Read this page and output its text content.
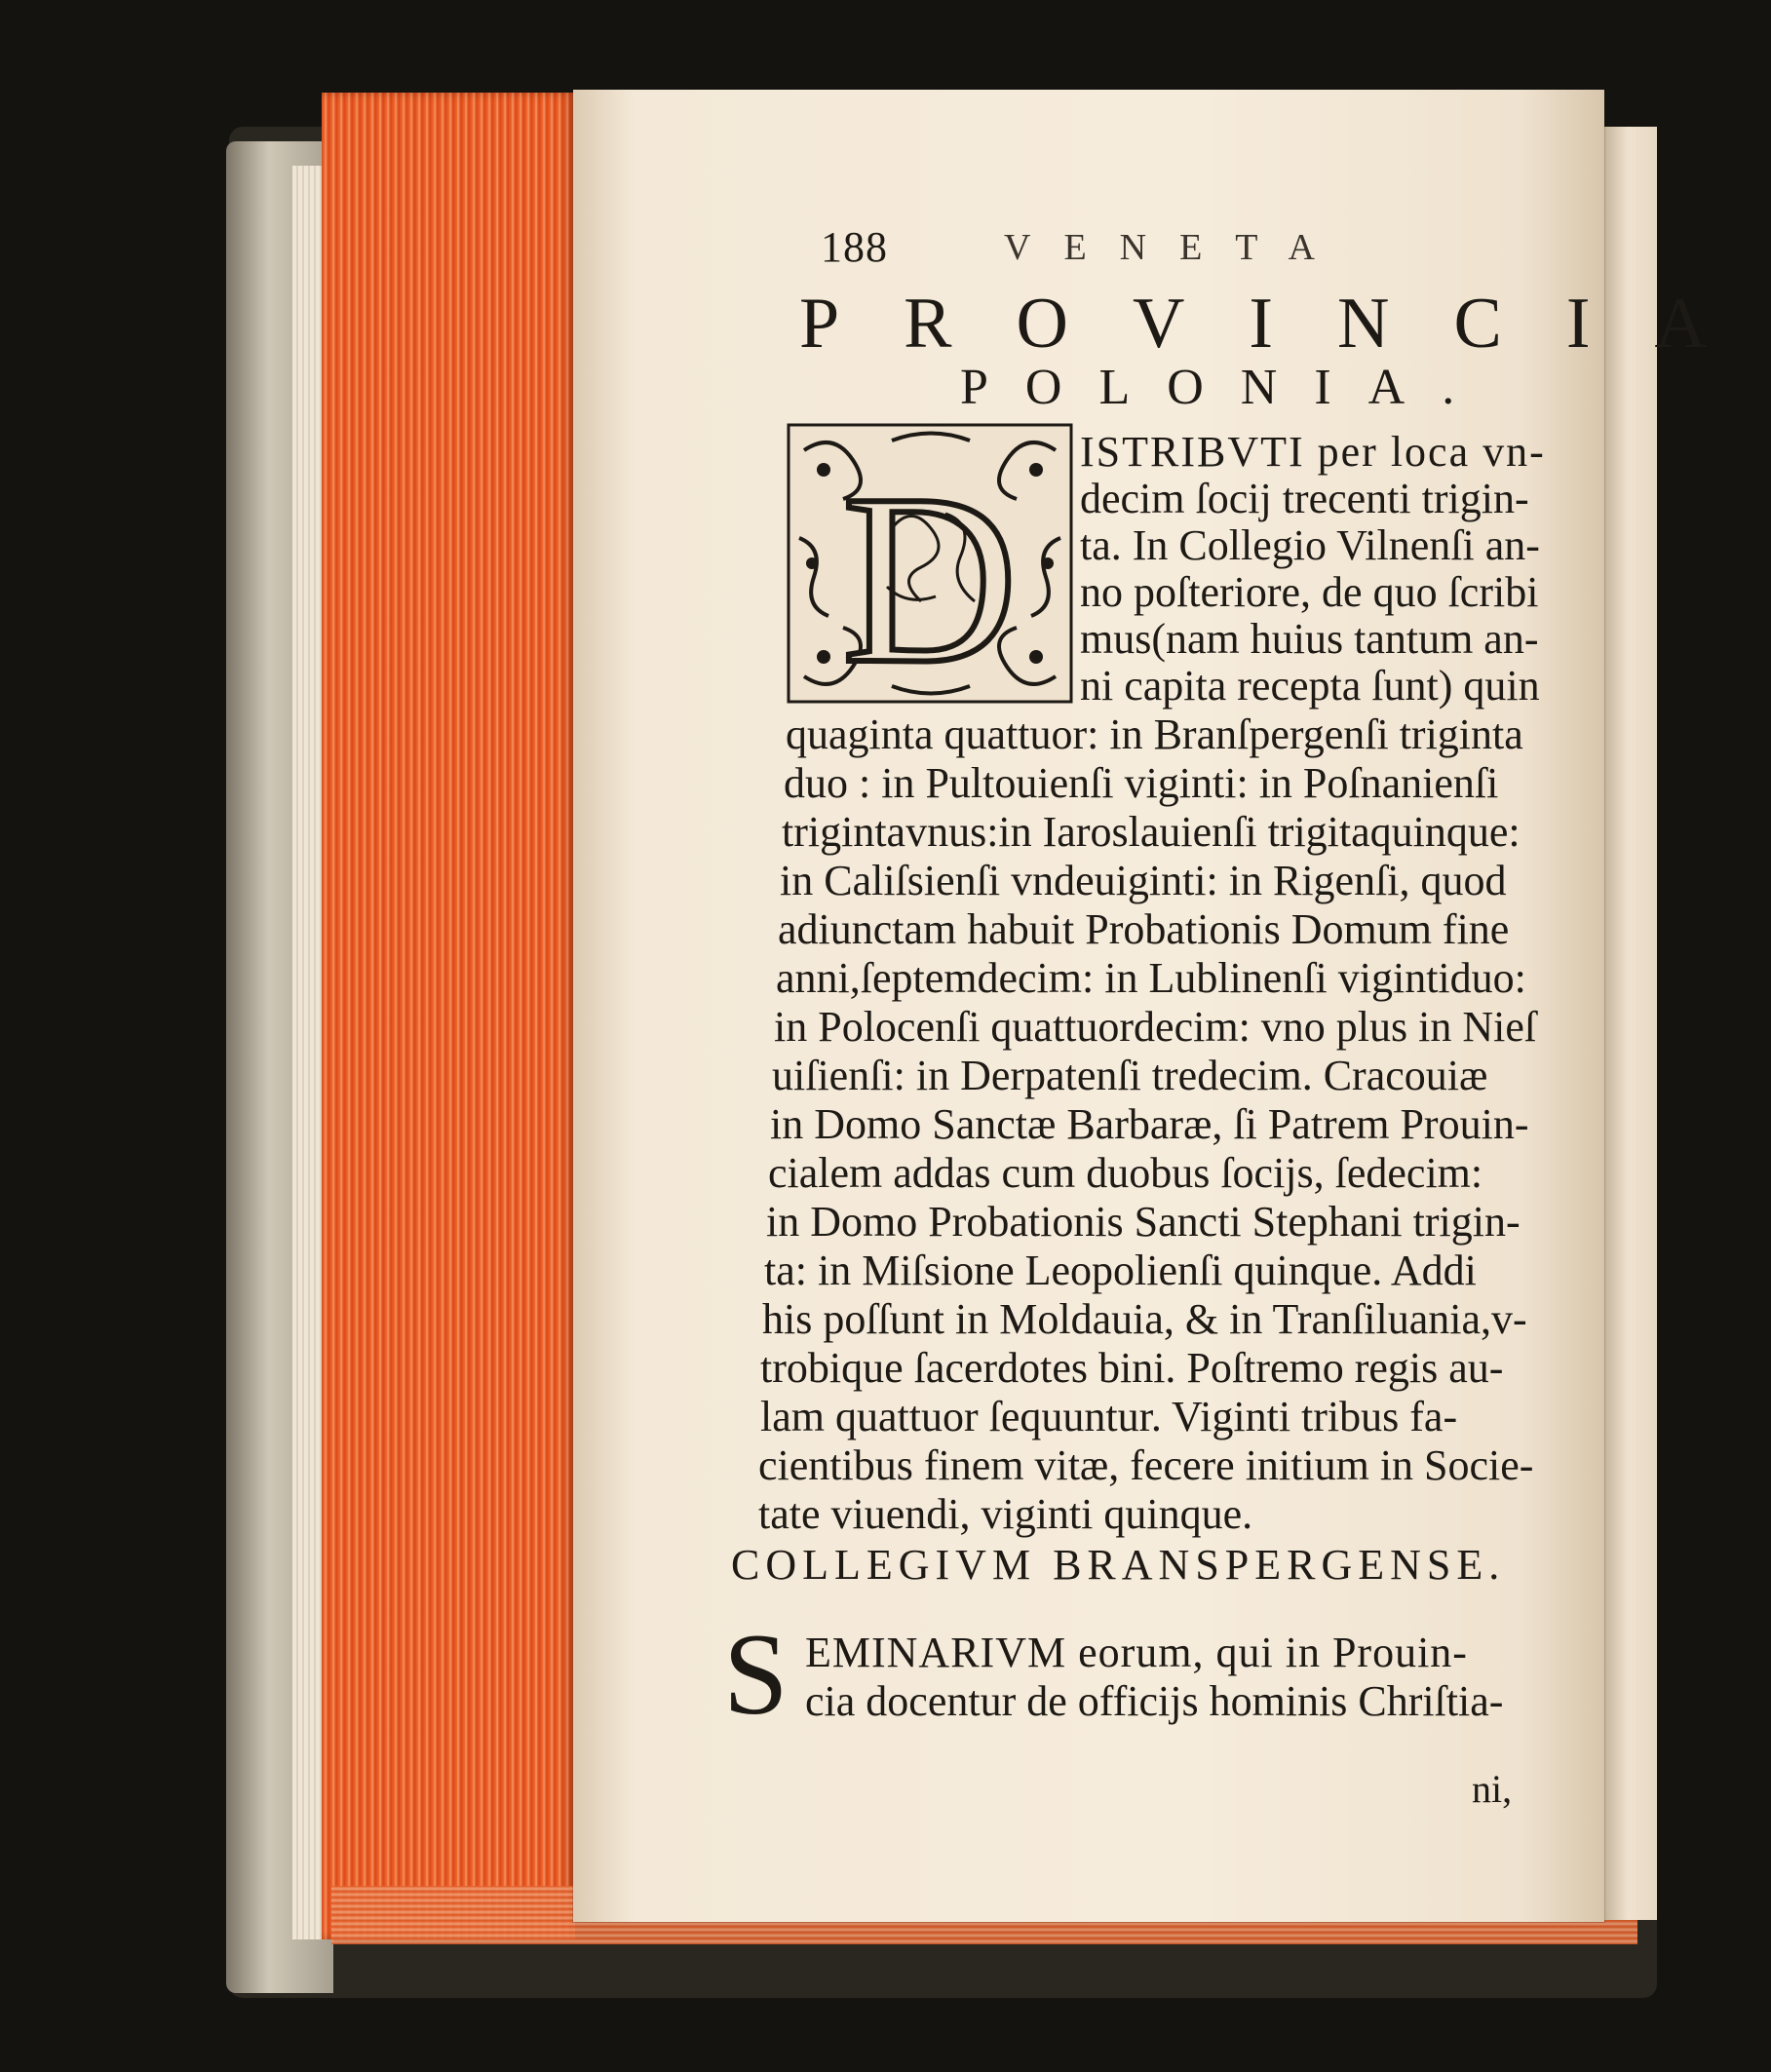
188	VENETA
PROVINCIA
POLONIA.
D ISTRIBVTI per loca vn-
decim ſocij trecenti trigin-
ta. In Collegio Vilnenſi an-
no poſteriore, de quo ſcribi
mus(nam huius tantum an-
ni capita recepta ſunt) quin
quaginta quattuor: in Branſpergenſi triginta
duo : in Pultouienſi viginti: in Poſnanienſi
trigintavnus:in Iaroslauienſi trigitaquinque:
in Caliſsienſi vndeuiginti: in Rigenſi, quod
adiunctam habuit Probationis Domum fine
anni,ſeptemdecim: in Lublinenſi vigintiduo:
in Polocenſi quattuordecim: vno plus in Nieſ
uiſienſi: in Derpatenſi tredecim. Cracouiæ
in Domo Sanctæ Barbaræ, ſi Patrem Prouin-
cialem addas cum duobus ſocijs, ſedecim:
in Domo Probationis Sancti Stephani trigin-
ta: in Miſsione Leopolienſi quinque. Addi
his poſſunt in Moldauia, & in Tranſiluania,v-
trobique ſacerdotes bini. Poſtremo regis au-
lam quattuor ſequuntur. Viginti tribus fa-
cientibus finem vitæ, fecere initium in Socie-
tate viuendi, viginti quinque.
COLLEGIVM BRANSPERGENSE.
S EMINARIVM eorum, qui in Prouin-
cia docentur de officijs hominis Chriſtia-
ni,
